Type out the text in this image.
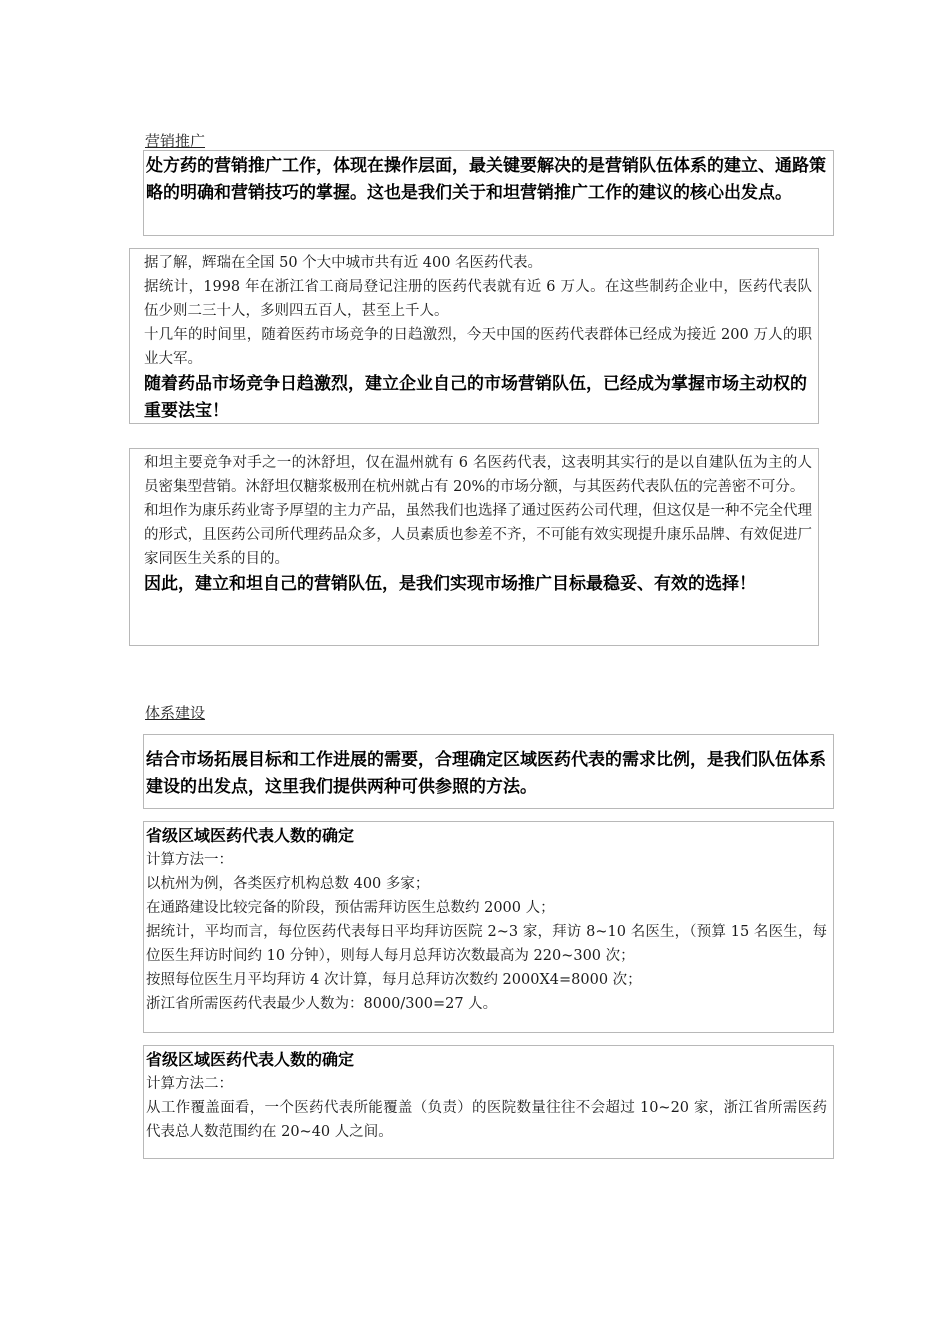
营销推广
处方药的营销推广工作，体现在操作层面，最关键要解决的是营销队伍体系的建立、通路策略的明确和营销技巧的掌握。这也是我们关于和坦营销推广工作的建议的核心出发点。

据了解，辉瑞在全国 50 个大中城市共有近 400 名医药代表。

据统计，1998 年在浙江省工商局登记注册的医药代表就有近 6 万人。在这些制药企业中，医药代表队伍少则二三十人，多则四五百人，甚至上千人。

十几年的时间里，随着医药市场竞争的日趋激烈，今天中国的医药代表群体已经成为接近 200 万人的职业大军。

随着药品市场竞争日趋激烈，建立企业自己的市场营销队伍，已经成为掌握市场主动权的重要法宝！

和坦主要竞争对手之一的沐舒坦，仅在温州就有 6 名医药代表，这表明其实行的是以自建队伍为主的人员密集型营销。沐舒坦仅糖浆极刑在杭州就占有 20%的市场分额，与其医药代表队伍的完善密不可分。

和坦作为康乐药业寄予厚望的主力产品，虽然我们也选择了通过医药公司代理，但这仅是一种不完全代理的形式，且医药公司所代理药品众多，人员素质也参差不齐，不可能有效实现提升康乐品牌、有效促进厂家同医生关系的目的。

因此，建立和坦自己的营销队伍，是我们实现市场推广目标最稳妥、有效的选择！
体系建设
结合市场拓展目标和工作进展的需要，合理确定区域医药代表的需求比例，是我们队伍体系建设的出发点，这里我们提供两种可供参照的方法。
省级区域医药代表人数的确定

计算方法一：

以杭州为例，各类医疗机构总数 400 多家；

在通路建设比较完备的阶段，预估需拜访医生总数约 2000 人；

据统计，平均而言，每位医药代表每日平均拜访医院 2~3 家，拜访 8~10 名医生，（预算 15 名医生，每位医生拜访时间约 10 分钟），则每人每月总拜访次数最高为 220~300 次；

按照每位医生月平均拜访 4 次计算，每月总拜访次数约 2000X4=8000 次；

浙江省所需医药代表最少人数为：8000/300=27 人。

省级区域医药代表人数的确定

计算方法二：

从工作覆盖面看，一个医药代表所能覆盖（负责）的医院数量往往不会超过 10~20 家，浙江省所需医药代表总人数范围约在 20~40 人之间。
